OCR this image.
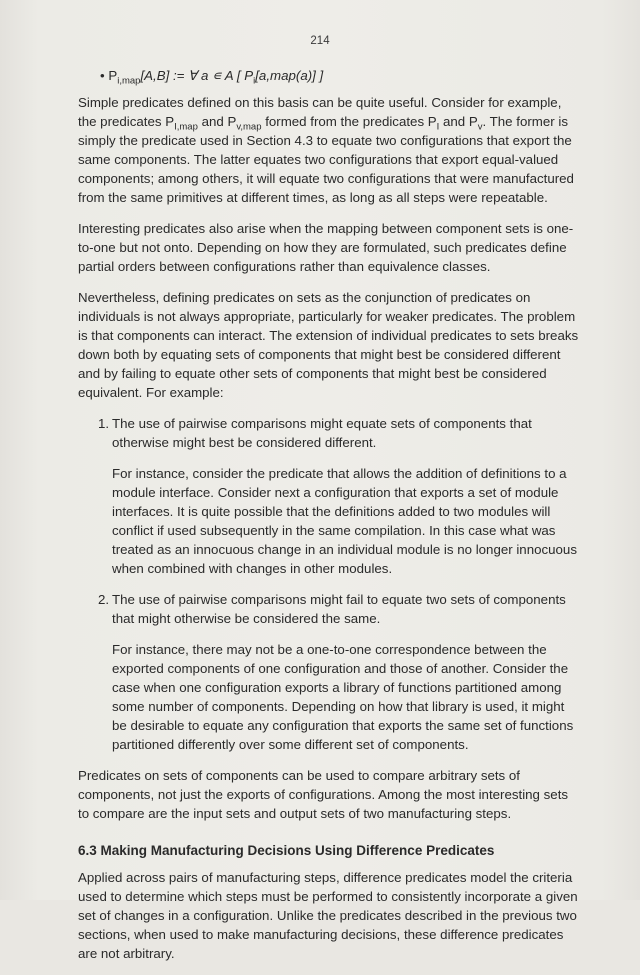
214
• $P_{i,map}[A,B]$ := ∀ a ∊ A [ $P_i[a,map(a)]$ ]

Simple predicates defined on this basis can be quite useful. Consider for example, the predicates $P_{I,map}$ and $P_{v,map}$ formed from the predicates $P_I$ and $P_v$. The former is simply the predicate used in Section 4.3 to equate two configurations that export the same components. The latter equates two configurations that export equal-valued components; among others, it will equate two configurations that were manufactured from the same primitives at different times, as long as all steps were repeatable.

Interesting predicates also arise when the mapping between component sets is one-to-one but not onto. Depending on how they are formulated, such predicates define partial orders between configurations rather than equivalence classes.

Nevertheless, defining predicates on sets as the conjunction of predicates on individuals is not always appropriate, particularly for weaker predicates. The problem is that components can interact. The extension of individual predicates to sets breaks down both by equating sets of components that might best be considered different and by failing to equate other sets of components that might best be considered equivalent. For example:

1. The use of pairwise comparisons might equate sets of components that otherwise might best be considered different.

For instance, consider the predicate that allows the addition of definitions to a module interface. Consider next a configuration that exports a set of module interfaces. It is quite possible that the definitions added to two modules will conflict if used subsequently in the same compilation. In this case what was treated as an innocuous change in an individual module is no longer innocuous when combined with changes in other modules.

2. The use of pairwise comparisons might fail to equate two sets of components that might otherwise be considered the same.

For instance, there may not be a one-to-one correspondence between the exported components of one configuration and those of another. Consider the case when one configuration exports a library of functions partitioned among some number of components. Depending on how that library is used, it might be desirable to equate any configuration that exports the same set of functions partitioned differently over some different set of components.

Predicates on sets of components can be used to compare arbitrary sets of components, not just the exports of configurations. Among the most interesting sets to compare are the input sets and output sets of two manufacturing steps.

6.3 Making Manufacturing Decisions Using Difference Predicates

Applied across pairs of manufacturing steps, difference predicates model the criteria used to determine which steps must be performed to consistently incorporate a given set of changes in a configuration. Unlike the predicates described in the previous two sections, when used to make manufacturing decisions, these difference predicates are not arbitrary.
